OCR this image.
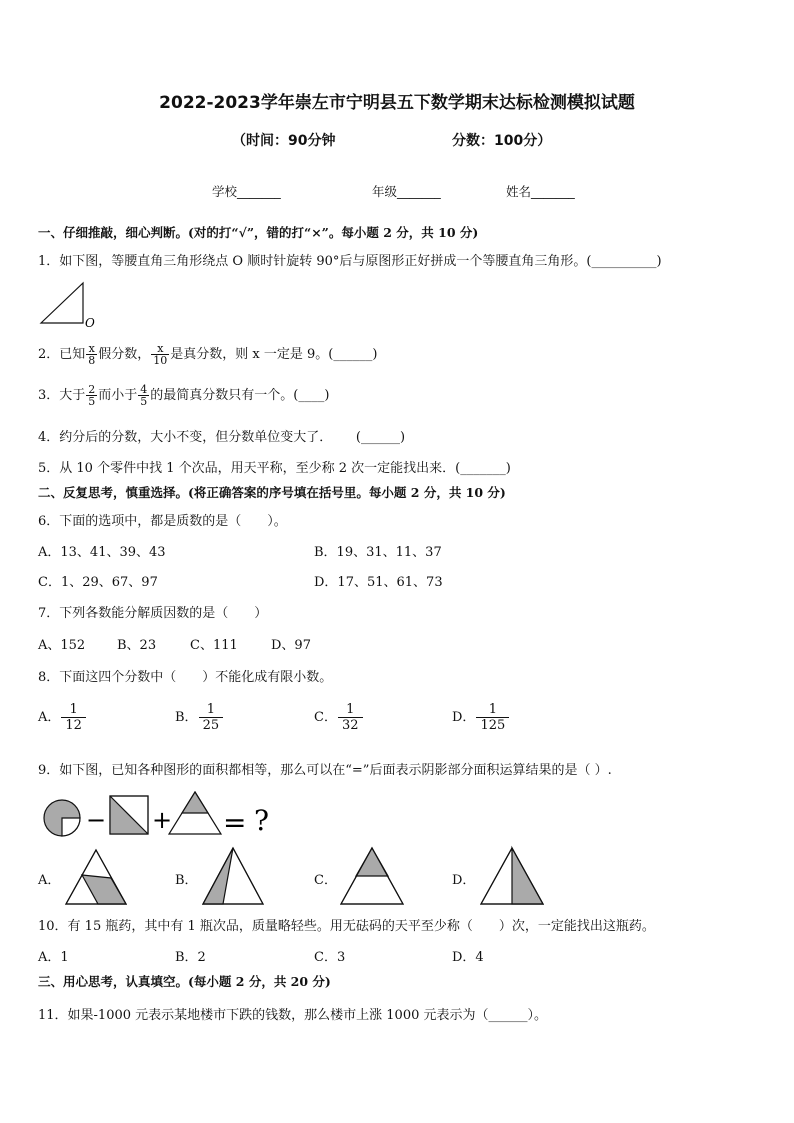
2022-2023学年崇左市宁明县五下数学期末达标检测模拟试题
（时间：90分钟	分数：100分）
学校_______	年级_______	姓名_______
一、仔细推敲，细心判断。(对的打“√”，错的打“×”。每小题 2 分，共 10 分)
1．如下图，等腰直角三角形绕点 O 顺时针旋转 90°后与原图形正好拼成一个等腰直角三角形。(__________)
O
2．已知 $\frac{x}{8}$ 假分数， $\frac{x}{10}$ 是真分数，则 x 一定是 9。(______)
3．大于 $\frac{2}{5}$ 而小于 $\frac{4}{5}$ 的最简真分数只有一个。(____)
4．约分后的分数，大小不变，但分数单位变大了．　　 (______)
5．从 10 个零件中找 1 个次品，用天平称，至少称 2 次一定能找出来．(_______)
二、反复思考，慎重选择。(将正确答案的序号填在括号里。每小题 2 分，共 10 分)
6．下面的选项中，都是质数的是（　　）。
A．13、41、39、43	B．19、31、11、37
C．1、29、67、97	D．17、51、61、73
7．下列各数能分解质因数的是（　　）
A、152 B、23	C、111	D、97
8．下面这四个分数中（　　）不能化成有限小数。
A． $\frac{1}{12}$	B． $\frac{1}{25}$	C． $\frac{1}{32}$	D． $\frac{1}{125}$
9．如下图，已知各种图形的面积都相等，那么可以在“=”后面表示阴影部分面积运算结果的是（ ）.
− + = ?
A．	B．	C．	D．
10．有 15 瓶药，其中有 1 瓶次品，质量略轻些。用无砝码的天平至少称（　　）次，一定能找出这瓶药。
A．1	B．2	C．3	D．4
三、用心思考，认真填空。(每小题 2 分，共 20 分)
11．如果-1000 元表示某地楼市下跌的钱数，那么楼市上涨 1000 元表示为（______）。
